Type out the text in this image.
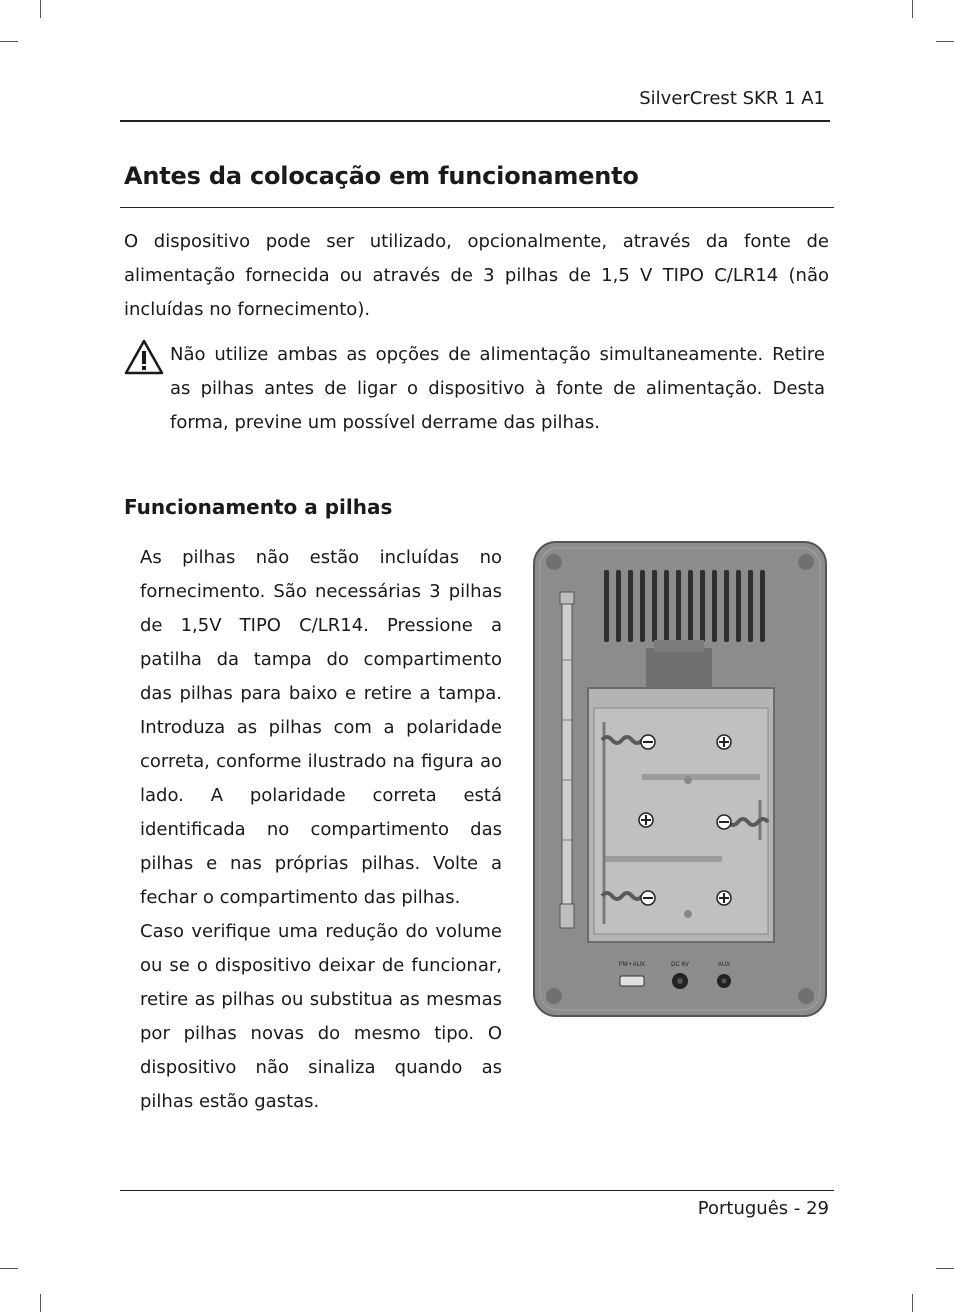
SilverCrest SKR 1 A1
Antes da colocação em funcionamento

O dispositivo pode ser utilizado, opcionalmente, através da fonte de alimentação fornecida ou através de 3 pilhas de 1,5 V TIPO C/LR14 (não incluídas no fornecimento).

Não utilize ambas as opções de alimentação simultaneamente. Retire as pilhas antes de ligar o dispositivo à fonte de alimentação. Desta forma, previne um possível derrame das pilhas.

Funcionamento a pilhas

As pilhas não estão incluídas no fornecimento. São necessárias 3 pilhas de 1,5V TIPO C/LR14. Pressione a patilha da tampa do compartimento das pilhas para baixo e retire a tampa. Introduza as pilhas com a polaridade correta, conforme ilustrado na figura ao lado. A polaridade correta está identificada no compartimento das pilhas e nas próprias pilhas. Volte a fechar o compartimento das pilhas.

Caso verifique uma redução do volume ou se o dispositivo deixar de funcionar, retire as pilhas ou substitua as mesmas por pilhas novas do mesmo tipo. O dispositivo não sinaliza quando as pilhas estão gastas.

FM • AUX	DC 6V	AUX
Português - 29
